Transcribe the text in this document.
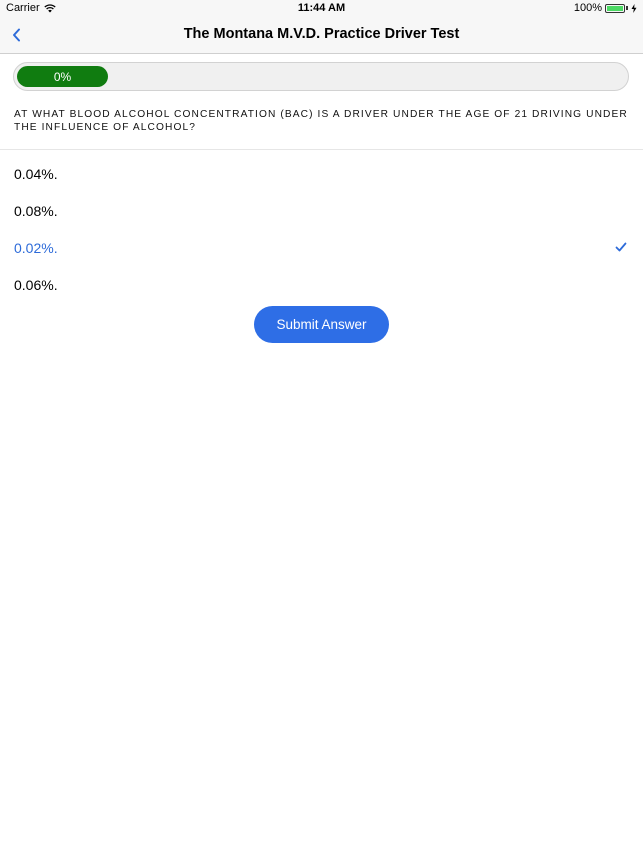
Carrier	11:44 AM	100%
The Montana M.V.D. Practice Driver Test
0%
AT WHAT BLOOD ALCOHOL CONCENTRATION (BAC) IS A DRIVER UNDER THE AGE OF 21 DRIVING UNDER THE INFLUENCE OF ALCOHOL?
0.04%.
0.08%.
0.02%.
0.06%.
Submit Answer
